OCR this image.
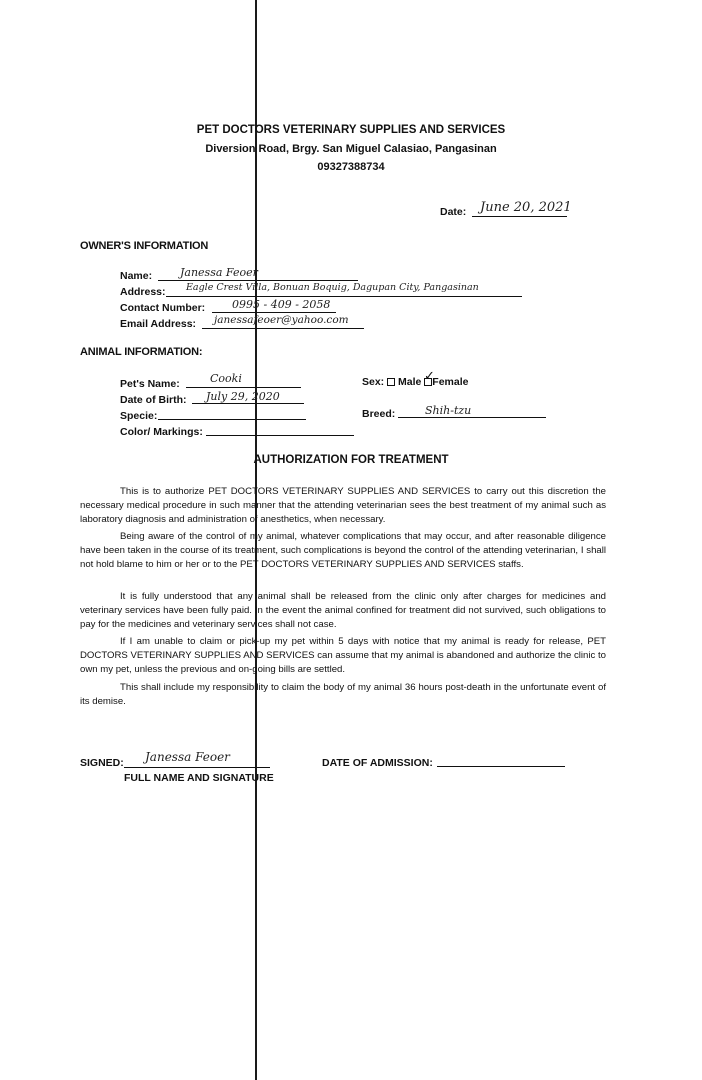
PET DOCTORS VETERINARY SUPPLIES AND SERVICES
Diversion Road, Brgy. San Miguel Calasiao, Pangasinan
09327388734
Date: June 20, 2021
OWNER'S INFORMATION
Name:	Janessa Feoer
Address: Eagle Crest Villa, Bonuan Boquig, Dagupan City, Pangasinan
Contact Number: 0995 - 409 - 2058
Email Address: janessafeoer@yahoo.com
ANIMAL INFORMATION:
Pet's Name:	Cooki
Date of Birth: July 29, 2020
Specie:
Color/ Markings:
Sex: Male Female
✓
Breed:	Shih-tzu
AUTHORIZATION FOR TREATMENT
This is to authorize PET DOCTORS VETERINARY SUPPLIES AND SERVICES to carry out this discretion the necessary medical procedure in such manner that the attending veterinarian sees the best treatment of my animal such as laboratory diagnosis and administration of anesthetics, when necessary.
Being aware of the control of my animal, whatever complications that may occur, and after reasonable diligence have been taken in the course of its treatment, such complications is beyond the control of the attending veterinarian, I shall not hold blame to him or her or to the PET DOCTORS VETERINARY SUPPLIES AND SERVICES staffs.
It is fully understood that any animal shall be released from the clinic only after charges for medicines and veterinary services have been fully paid. In the event the animal confined for treatment did not survived, such obligations to pay for the medicines and veterinary services shall not case.
If I am unable to claim or pick-up my pet within 5 days with notice that my animal is ready for release, PET DOCTORS VETERINARY SUPPLIES AND SERVICES can assume that my animal is abandoned and authorize the clinic to own my pet, unless the previous and on-going bills are settled.
This shall include my responsibility to claim the body of my animal 36 hours post-death in the unfortunate event of its demise.
SIGNED: Janessa Feoer
FULL NAME AND SIGNATURE
DATE OF ADMISSION:
